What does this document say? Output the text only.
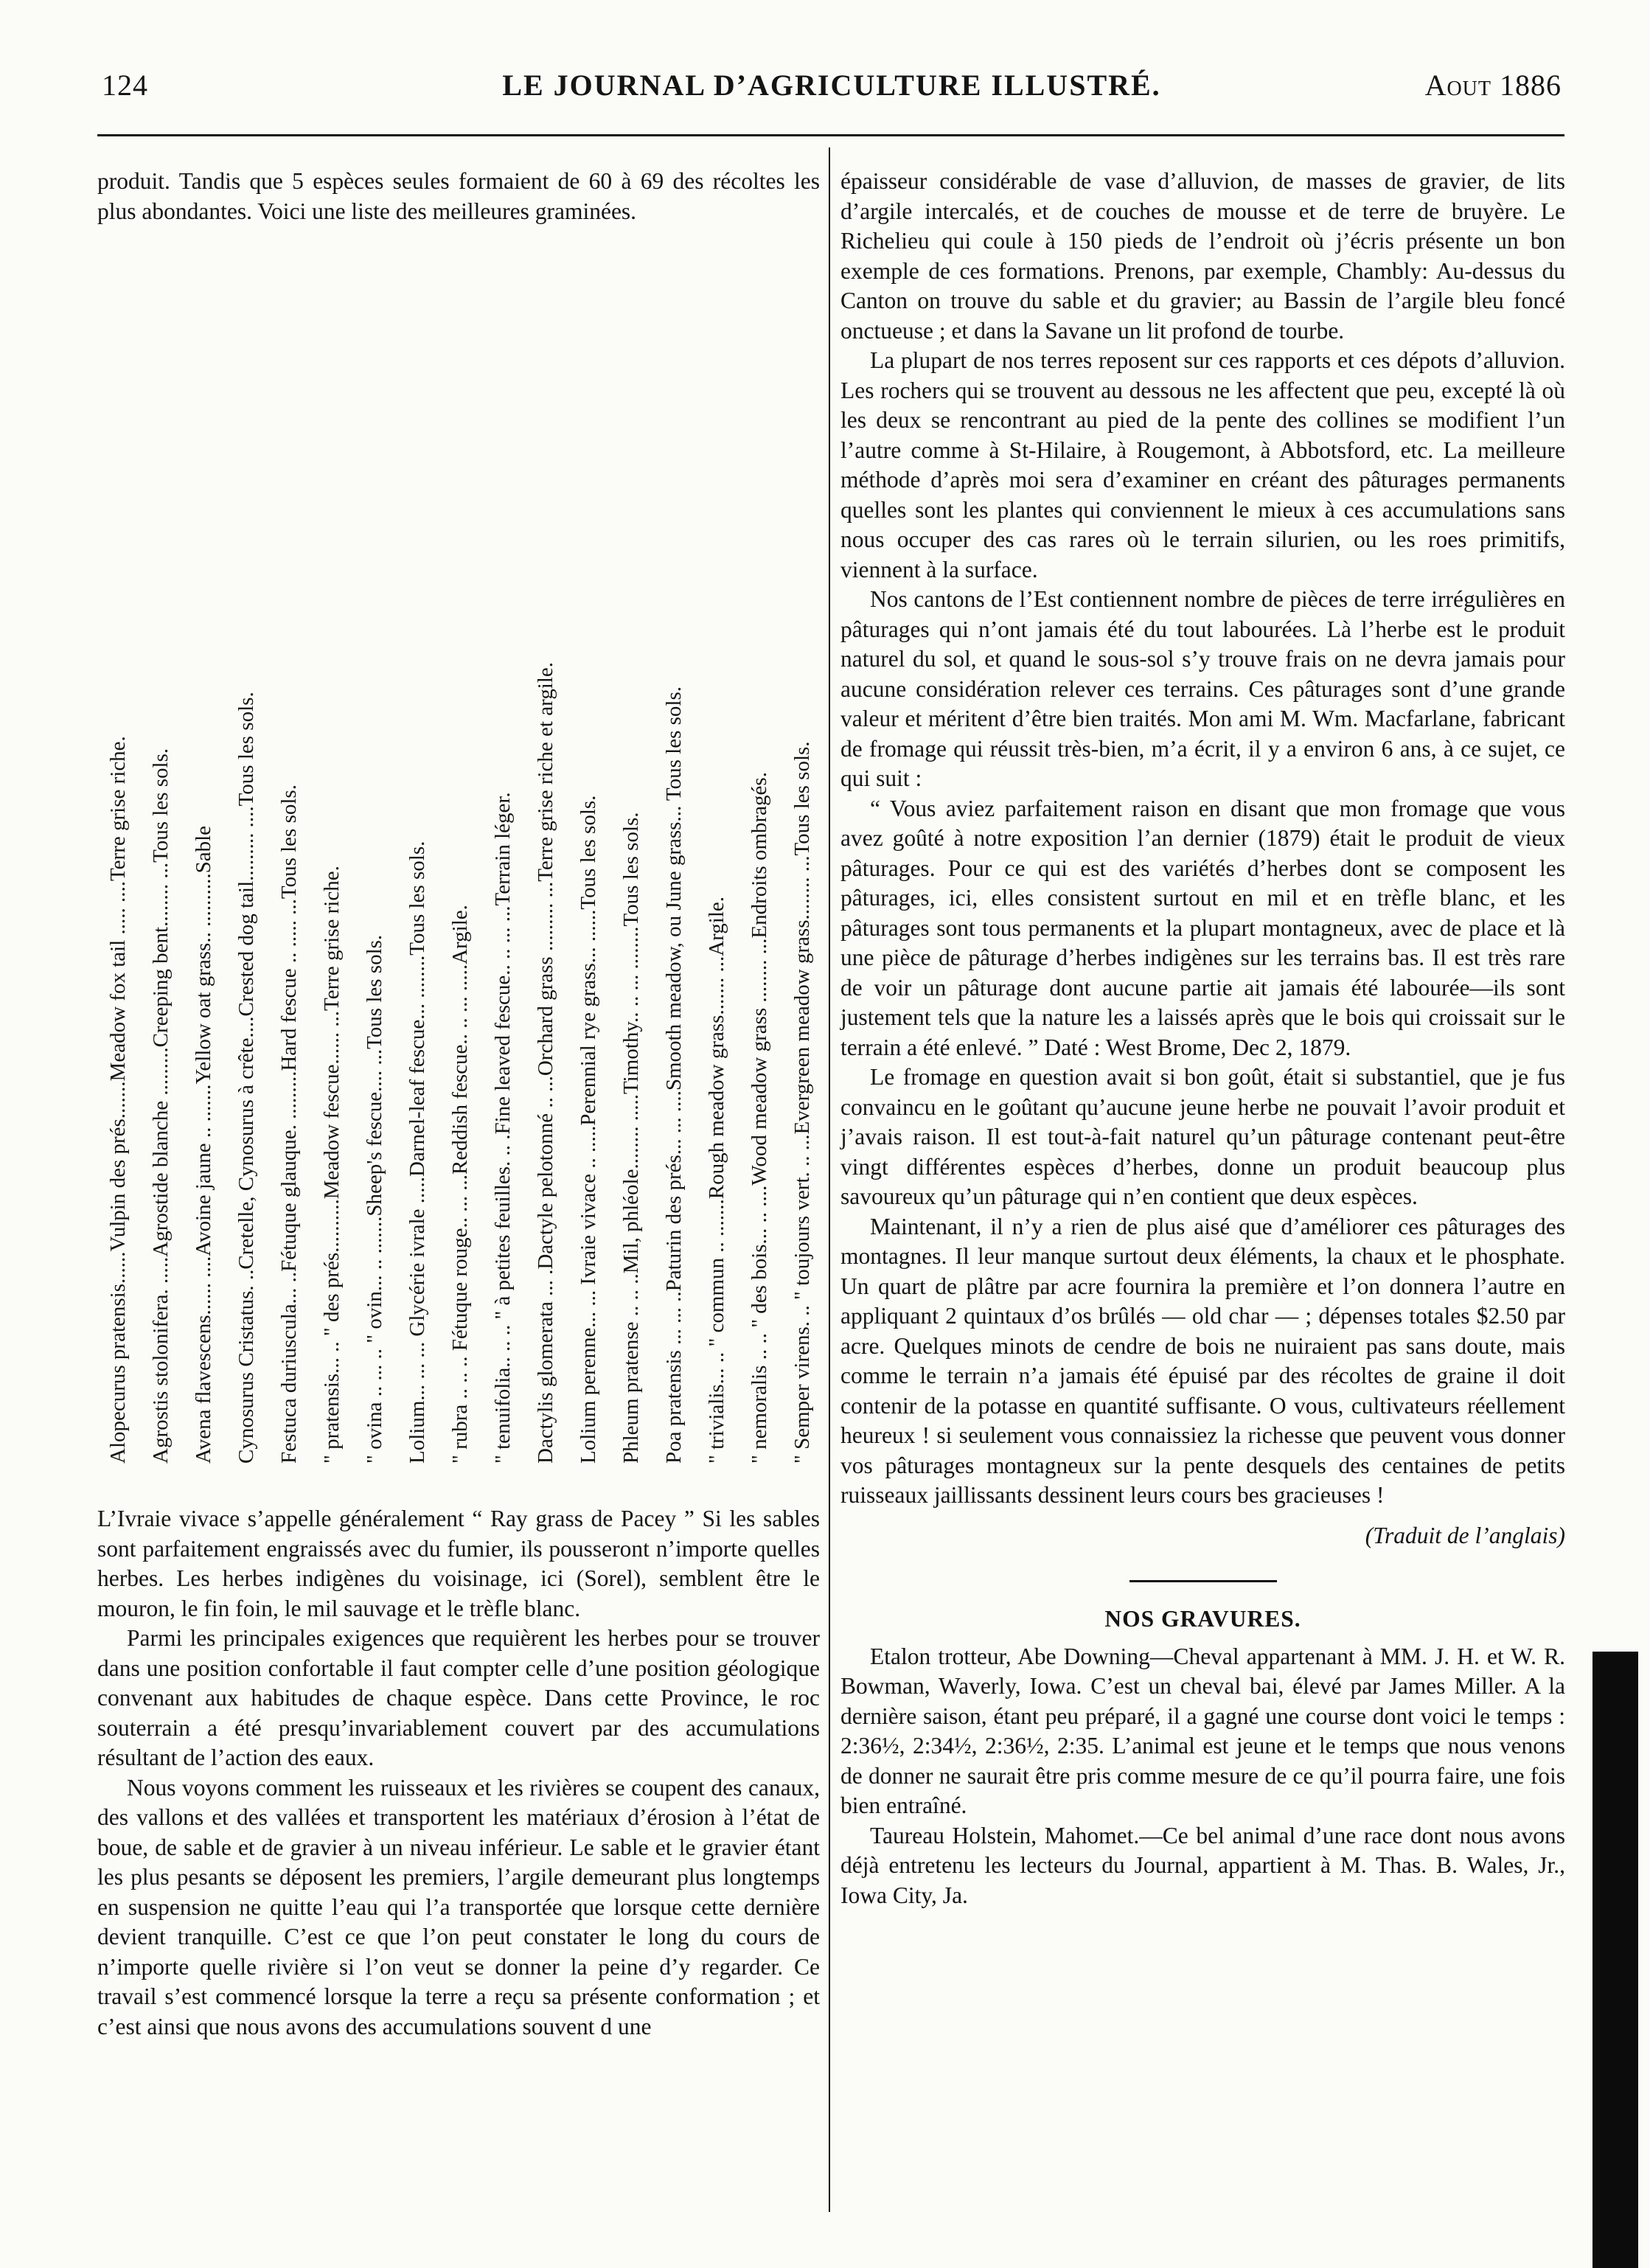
124	LE JOURNAL D’AGRICULTURE ILLUSTRÉ.	Aout 1886

produit. Tandis que 5 espèces seules formaient de 60 à 69 des récoltes les plus abondantes. Voici une liste des meilleures graminées.

Alopecurus pratensis......Vulpin des prés.......Meadow fox tail ..... ....Terre grise riche. Agrostis stolonifera. .....Agrostide blanche .........Creeping bent........ ...Tous les sols. Avena flavescens...... ....Avoine jaune .. .......Yellow oat grass.. ..........Sable Cynosurus Cristatus. ..Cretelle, Cynosurus à crête....Crested dog tail......... ....Tous les sols. Festuca duriuscula... ..Fétuque glauque. .........Hard fescue .. ..... ...Tous les sols. " pratensis... .. " des prés..........Meadow fescue...... ...Terre grise riche. " ovina .. ... .. " ovin... .. .......Sheep's fescue.... ...Tous les sols. Lolium... ... ... Glycérie ivrale .....Darnel-leaf fescue... ........Tous les sols. " rubra .. .. .. Fétuque rouge.. ... ...Reddish fescue.. .. ... .....Argile. " tenuifolia.. .. .. " à petites feuilles. .. .Fine leaved fescue.. .. ... ...Terrain léger. Dactylis glomerata ... .Dactyle pelotonné .. ...Orchard grass ......... ...Terre grise riche et argile. Lolium perenne... ... Ivraie vivace .. .....Perennial rye grass... ......Tous les sols. Phleum pratense .. .. ..Mil, phléole........ .....Timothy.. .. ... ........Tous les sols. Poa pratensis ... ... ..Paturin des prés... ... ....Smooth meadow, ou June grass... Tous les sols. " trivialis... .. " commun .. .......Rough meadow grass....... ...Argile. " nemoralis .. .. " des bois... .. ....Wood meadow grass ........ ...Endroits ombragés. " Semper virens. .. " toujours vert. .. ...Evergreen meadow grass........ ...Tous les sols.

L’Ivraie vivace s’appelle généralement “ Ray grass de Pacey ” Si les sables sont parfaitement engraissés avec du fumier, ils pousseront n’importe quelles herbes. Les herbes indigènes du voisinage, ici (Sorel), semblent être le mouron, le fin foin, le mil sauvage et le trèfle blanc.

Parmi les principales exigences que requièrent les herbes pour se trouver dans une position confortable il faut compter celle d’une position géologique convenant aux habitudes de chaque espèce. Dans cette Province, le roc souterrain a été presqu’invariablement couvert par des accumulations résultant de l’action des eaux.

Nous voyons comment les ruisseaux et les rivières se coupent des canaux, des vallons et des vallées et transportent les matériaux d’érosion à l’état de boue, de sable et de gravier à un niveau inférieur. Le sable et le gravier étant les plus pesants se déposent les premiers, l’argile demeurant plus longtemps en suspension ne quitte l’eau qui l’a transportée que lorsque cette dernière devient tranquille. C’est ce que l’on peut constater le long du cours de n’importe quelle rivière si l’on veut se donner la peine d’y regarder. Ce travail s’est commencé lorsque la terre a reçu sa présente conformation ; et c’est ainsi que nous avons des accumulations souvent d une

épaisseur considérable de vase d’alluvion, de masses de gravier, de lits d’argile intercalés, et de couches de mousse et de terre de bruyère. Le Richelieu qui coule à 150 pieds de l’endroit où j’écris présente un bon exemple de ces formations. Prenons, par exemple, Chambly: Au-dessus du Canton on trouve du sable et du gravier; au Bassin de l’argile bleu foncé onctueuse ; et dans la Savane un lit profond de tourbe.

La plupart de nos terres reposent sur ces rapports et ces dépots d’alluvion. Les rochers qui se trouvent au dessous ne les affectent que peu, excepté là où les deux se rencontrant au pied de la pente des collines se modifient l’un l’autre comme à St-Hilaire, à Rougemont, à Abbotsford, etc. La meilleure méthode d’après moi sera d’examiner en créant des pâturages permanents quelles sont les plantes qui conviennent le mieux à ces accumulations sans nous occuper des cas rares où le terrain silurien, ou les roes primitifs, viennent à la surface.

Nos cantons de l’Est contiennent nombre de pièces de terre irrégulières en pâturages qui n’ont jamais été du tout labourées. Là l’herbe est le produit naturel du sol, et quand le sous-sol s’y trouve frais on ne devra jamais pour aucune considération relever ces terrains. Ces pâturages sont d’une grande valeur et méritent d’être bien traités. Mon ami M. Wm. Macfarlane, fabricant de fromage qui réussit très-bien, m’a écrit, il y a environ 6 ans, à ce sujet, ce qui suit :

“ Vous aviez parfaitement raison en disant que mon fromage que vous avez goûté à notre exposition l’an dernier (1879) était le produit de vieux pâturages. Pour ce qui est des variétés d’herbes dont se composent les pâturages, ici, elles consistent surtout en mil et en trèfle blanc, et les pâturages sont tous permanents et la plupart montagneux, avec de place et là une pièce de pâturage d’herbes indigènes sur les terrains bas. Il est très rare de voir un pâturage dont aucune partie ait jamais été labourée—ils sont justement tels que la nature les a laissés après que le bois qui croissait sur le terrain a été enlevé. ” Daté : West Brome, Dec 2, 1879.

Le fromage en question avait si bon goût, était si substantiel, que je fus convaincu en le goûtant qu’aucune jeune herbe ne pouvait l’avoir produit et j’avais raison. Il est tout-à-fait naturel qu’un pâturage contenant peut-être vingt différentes espèces d’herbes, donne un produit beaucoup plus savoureux qu’un pâturage qui n’en contient que deux espèces.

Maintenant, il n’y a rien de plus aisé que d’améliorer ces pâturages des montagnes. Il leur manque surtout deux éléments, la chaux et le phosphate. Un quart de plâtre par acre fournira la première et l’on donnera l’autre en appliquant 2 quintaux d’os brûlés — old char — ; dépenses totales $2.50 par acre. Quelques minots de cendre de bois ne nuiraient pas sans doute, mais comme le terrain n’a jamais été épuisé par des récoltes de graine il doit contenir de la potasse en quantité suffisante. O vous, cultivateurs réellement heureux ! si seulement vous connaissiez la richesse que peuvent vous donner vos pâturages montagneux sur la pente desquels des centaines de petits ruisseaux jaillissants dessinent leurs cours bes gracieuses !

(Traduit de l’anglais)

NOS GRAVURES.

Etalon trotteur, Abe Downing—Cheval appartenant à MM. J. H. et W. R. Bowman, Waverly, Iowa. C’est un cheval bai, élevé par James Miller. A la dernière saison, étant peu préparé, il a gagné une course dont voici le temps : 2:36½, 2:34½, 2:36½, 2:35. L’animal est jeune et le temps que nous venons de donner ne saurait être pris comme mesure de ce qu’il pourra faire, une fois bien entraîné.

Taureau Holstein, Mahomet.—Ce bel animal d’une race dont nous avons déjà entretenu les lecteurs du Journal, appartient à M. Thas. B. Wales, Jr., Iowa City, Ja.
